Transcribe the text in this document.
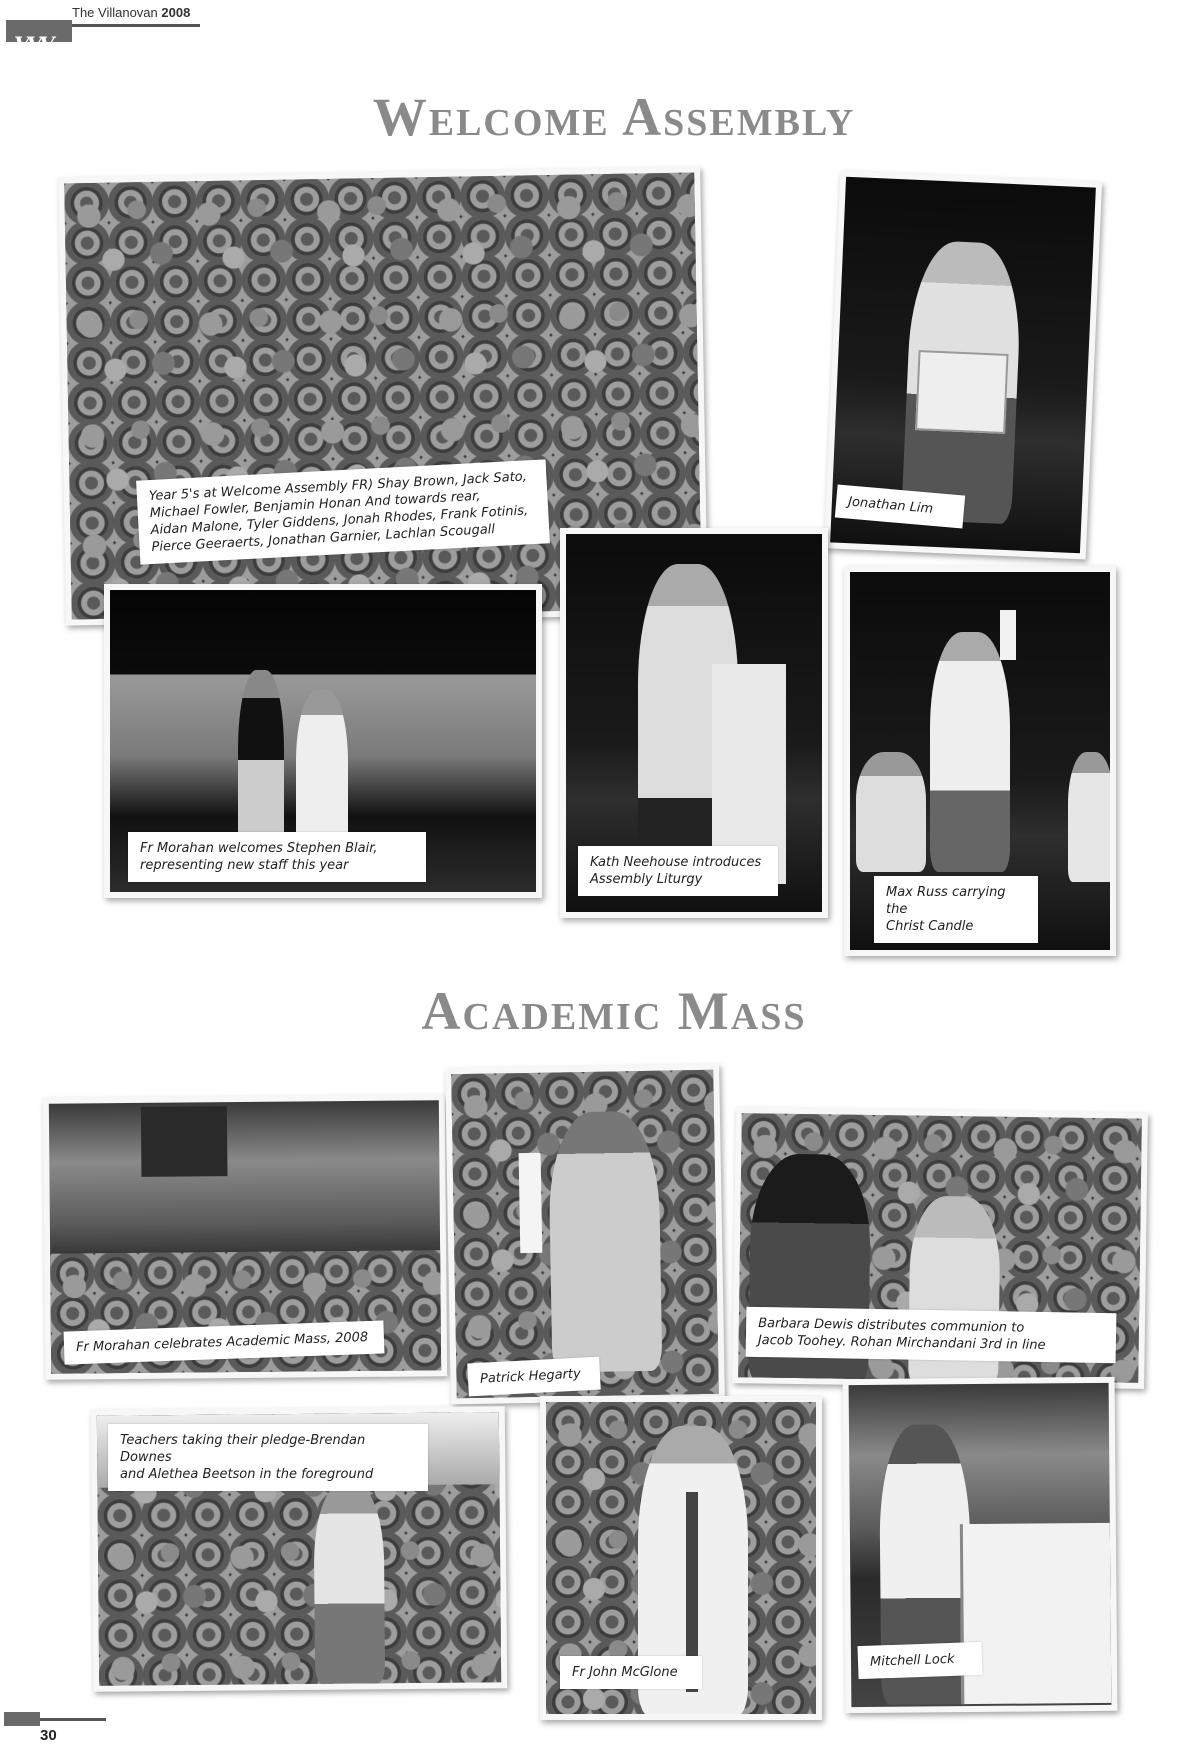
VVV
The Villanovan 2008
Welcome Assembly
Year 5's at Welcome Assembly FR) Shay Brown, Jack Sato,
Michael Fowler, Benjamin Honan And towards rear,
Aidan Malone, Tyler Giddens, Jonah Rhodes, Frank Fotinis,
Pierce Geeraerts, Jonathan Garnier, Lachlan Scougall
Jonathan Lim
Fr Morahan welcomes Stephen Blair,
representing new staff this year	Kath Neehouse introduces
Assembly Liturgy
Max Russ carrying the
Christ Candle
Academic Mass
Fr Morahan celebrates Academic Mass, 2008
Patrick Hegarty
Barbara Dewis distributes communion to
Jacob Toohey. Rohan Mirchandani 3rd in line
Teachers taking their pledge-Brendan Downes
and Alethea Beetson in the foreground
Fr John McGlone
Mitchell Lock
30
